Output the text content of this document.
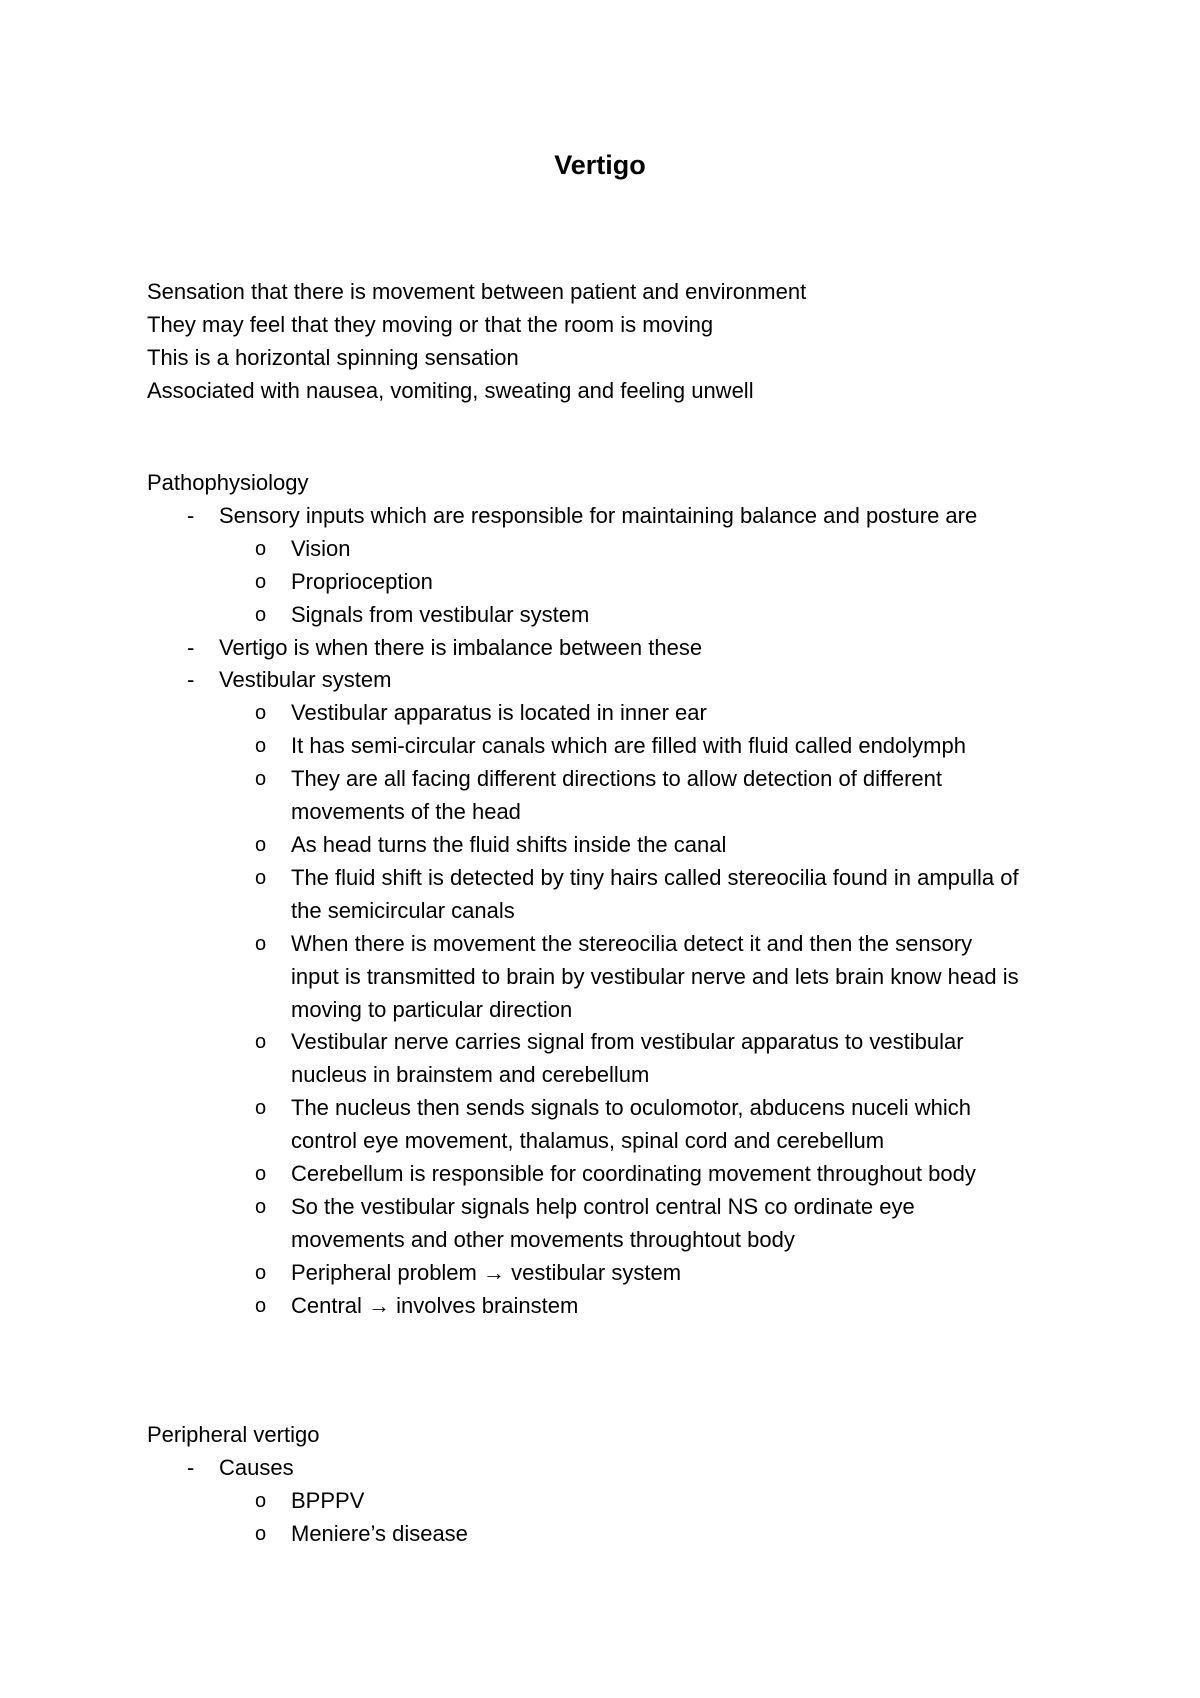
Vertigo

Sensation that there is movement between patient and environment

They may feel that they moving or that the room is moving

This is a horizontal spinning sensation

Associated with nausea, vomiting, sweating and feeling unwell

Pathophysiology

- Sensory inputs which are responsible for maintaining balance and posture are
o Vision
o Proprioception
o Signals from vestibular system
- Vertigo is when there is imbalance between these
- Vestibular system
o Vestibular apparatus is located in inner ear
o It has semi-circular canals which are filled with fluid called endolymph
o They are all facing different directions to allow detection of different movements of the head
o As head turns the fluid shifts inside the canal
o The fluid shift is detected by tiny hairs called stereocilia found in ampulla of the semicircular canals
o When there is movement the stereocilia detect it and then the sensory input is transmitted to brain by vestibular nerve and lets brain know head is moving to particular direction
o Vestibular nerve carries signal from vestibular apparatus to vestibular nucleus in brainstem and cerebellum
o The nucleus then sends signals to oculomotor, abducens nuceli which control eye movement, thalamus, spinal cord and cerebellum
o Cerebellum is responsible for coordinating movement throughout body
o So the vestibular signals help control central NS co ordinate eye movements and other movements throughtout body
o Peripheral problem → vestibular system
o Central → involves brainstem

Peripheral vertigo

- Causes
o BPPPV
o Meniere’s disease
